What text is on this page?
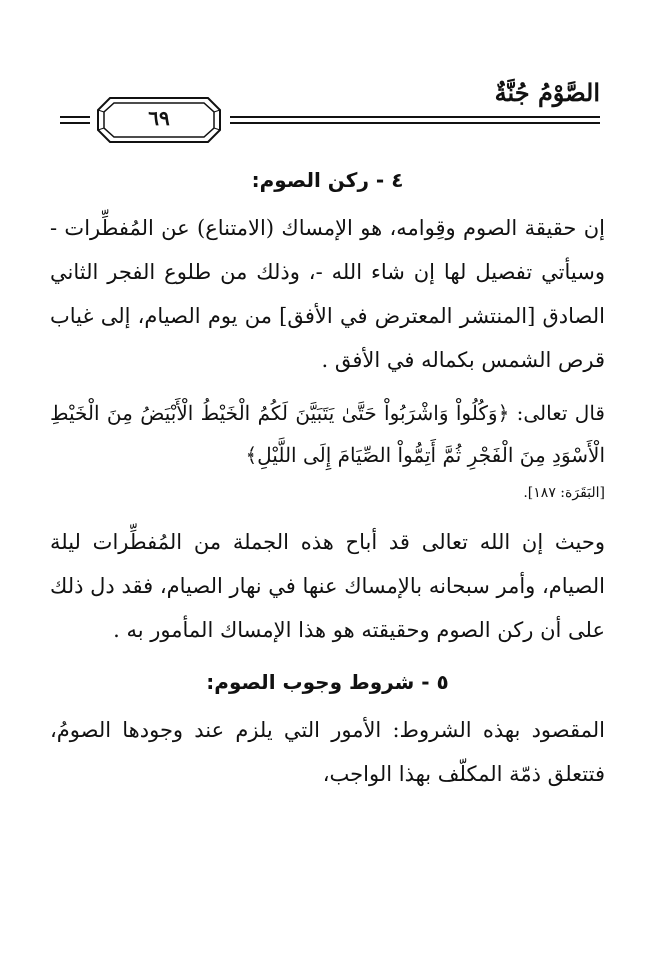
الصَّوْمُ جُنَّةٌ
٦٩
٤ - ركن الصوم:

إن حقيقة الصوم وقِوامه، هو الإمساك (الامتناع) عن المُفطِّرات - وسيأتي تفصيل لها إن شاء الله -، وذلك من طلوع الفجر الثاني الصادق [المنتشر المعترض في الأفق] من يوم الصيام، إلى غياب قرص الشمس بكماله في الأفق .

قال تعالى: ﴿وَكُلُواْ وَاشْرَبُواْ حَتَّىٰ يَتَبَيَّنَ لَكُمُ الْخَيْطُ الْأَبْيَضُ مِنَ الْخَيْطِ الْأَسْوَدِ مِنَ الْفَجْرِ ثُمَّ أَتِمُّواْ الصِّيَامَ إِلَى اللَّيْلِ﴾

[البَقَرَة: ١٨٧].

وحيث إن الله تعالى قد أباح هذه الجملة من المُفطِّرات ليلة الصيام، وأمر سبحانه بالإمساك عنها في نهار الصيام، فقد دل ذلك على أن ركن الصوم وحقيقته هو هذا الإمساك المأمور به .

٥ - شروط وجوب الصوم:

المقصود بهذه الشروط: الأمور التي يلزم عند وجودها الصومُ، فتتعلق ذمّة المكلّف بهذا الواجب،
